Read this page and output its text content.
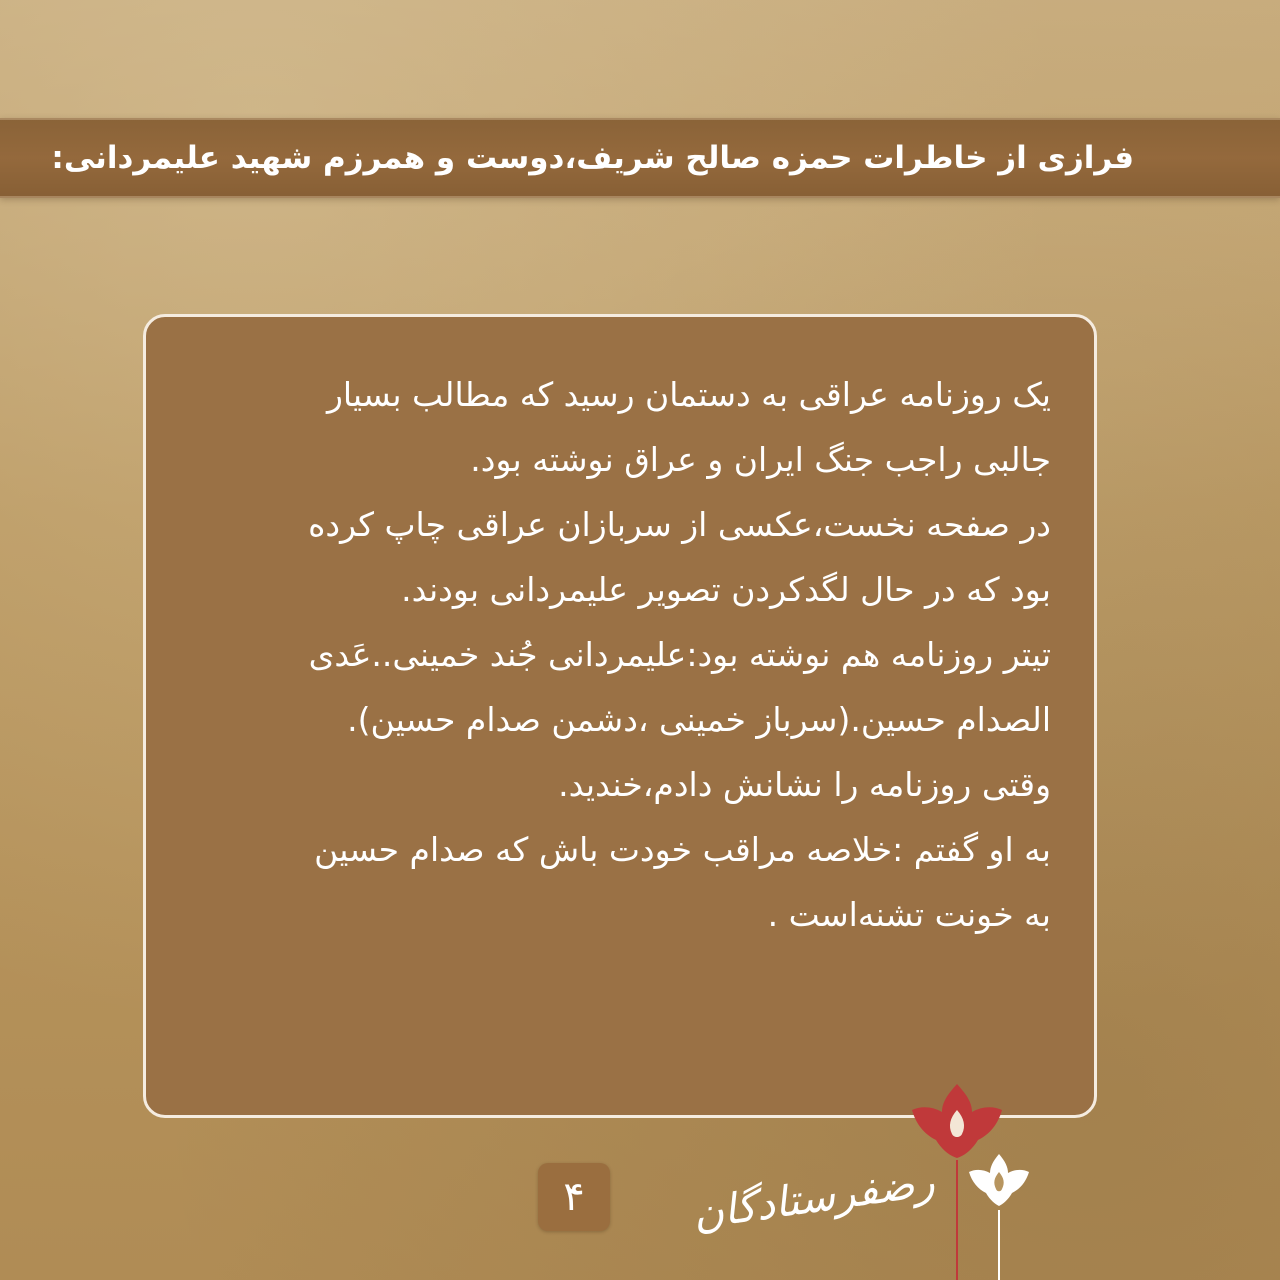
فرازی از خاطرات حمزه صالح شریف،دوست و همرزم شهید علیمردانی:
یک روزنامه عراقی به دستمان رسید که مطالب بسیار
جالبی راجب جنگ ایران و عراق نوشته بود.
در صفحه نخست،عکسی از سربازان عراقی چاپ کرده
بود که در حال لگدکردن تصویر علیمردانی بودند.
تیتر روزنامه هم نوشته بود:علیمردانی جُند خمینی..عَدی
الصدام حسین.(سرباز خمینی ،دشمن صدام حسین).
وقتی روزنامه را نشانش دادم،خندید.
به او گفتم :خلاصه مراقب خودت باش که صدام حسین
به خونت تشنه‌است .
رضفرستادگان
۴
